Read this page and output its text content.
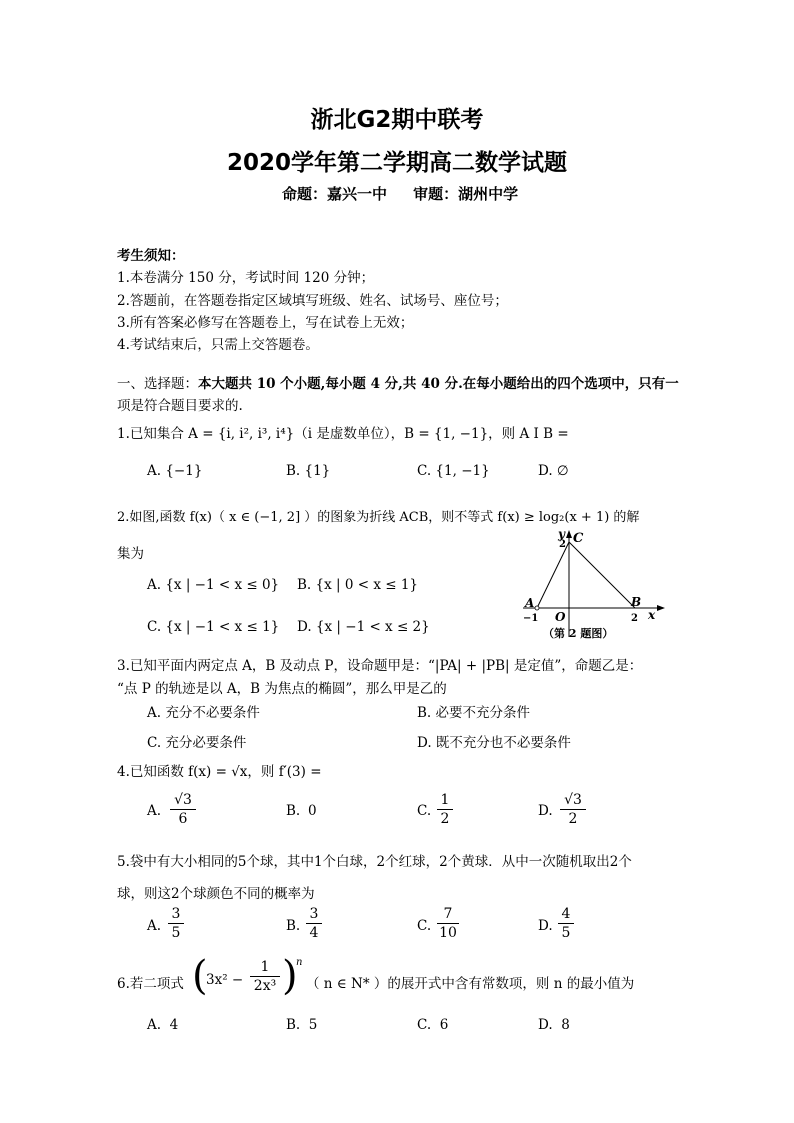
浙北G2期中联考
2020学年第二学期高二数学试题
命题：嘉兴一中     审题：湖州中学
考生须知：
1.本卷满分 150 分，考试时间 120 分钟；
2.答题前，在答题卷指定区域填写班级、姓名、试场号、座位号；
3.所有答案必修写在答题卷上，写在试卷上无效；
4.考试结束后，只需上交答题卷。
一、选择题：本大题共 10 个小题,每小题 4 分,共 40 分.在每小题给出的四个选项中，只有一
项是符合题目要求的.
1.已知集合 A = {i, i², i³, i⁴}（i 是虚数单位），B = {1, −1}，则 A I B =
A. {−1}	B. {1}	C. {1, −1}	D. ∅
2.如图,函数 f(x)（ x ∈ (−1, 2] ）的图象为折线 ACB，则不等式 f(x) ≥ log₂(x + 1) 的解
集为
A. {x | −1 < x ≤ 0} B. {x | 0 < x ≤ 1}
C. {x | −1 < x ≤ 1} D. {x | −1 < x ≤ 2}
y
2 C
A	B
−1 O	2 x
（第 2 题图）
3.已知平面内两定点 A，B 及动点 P，设命题甲是：“|PA| + |PB| 是定值”，命题乙是：
“点 P 的轨迹是以 A，B 为焦点的椭圆”，那么甲是乙的
A. 充分不必要条件	B. 必要不充分条件
C. 充分必要条件	D. 既不充分也不必要条件
4.已知函数 f(x) = √x，则 f′(3) =
A.
√3
6	B. 0	C.
1
2	D.
√3
2
5.袋中有大小相同的5个球，其中1个白球，2个红球，2个黄球．从中一次随机取出2个
球，则这2个球颜色不同的概率为
A.
3
5	B.
3
4	C.
7
10	D.
4
5
6.若二项式 (
3x² −
1
2x³ )
n
（ n ∈ N* ）的展开式中含有常数项，则 n 的最小值为
A.  4	B.  5	C.  6	D.  8
